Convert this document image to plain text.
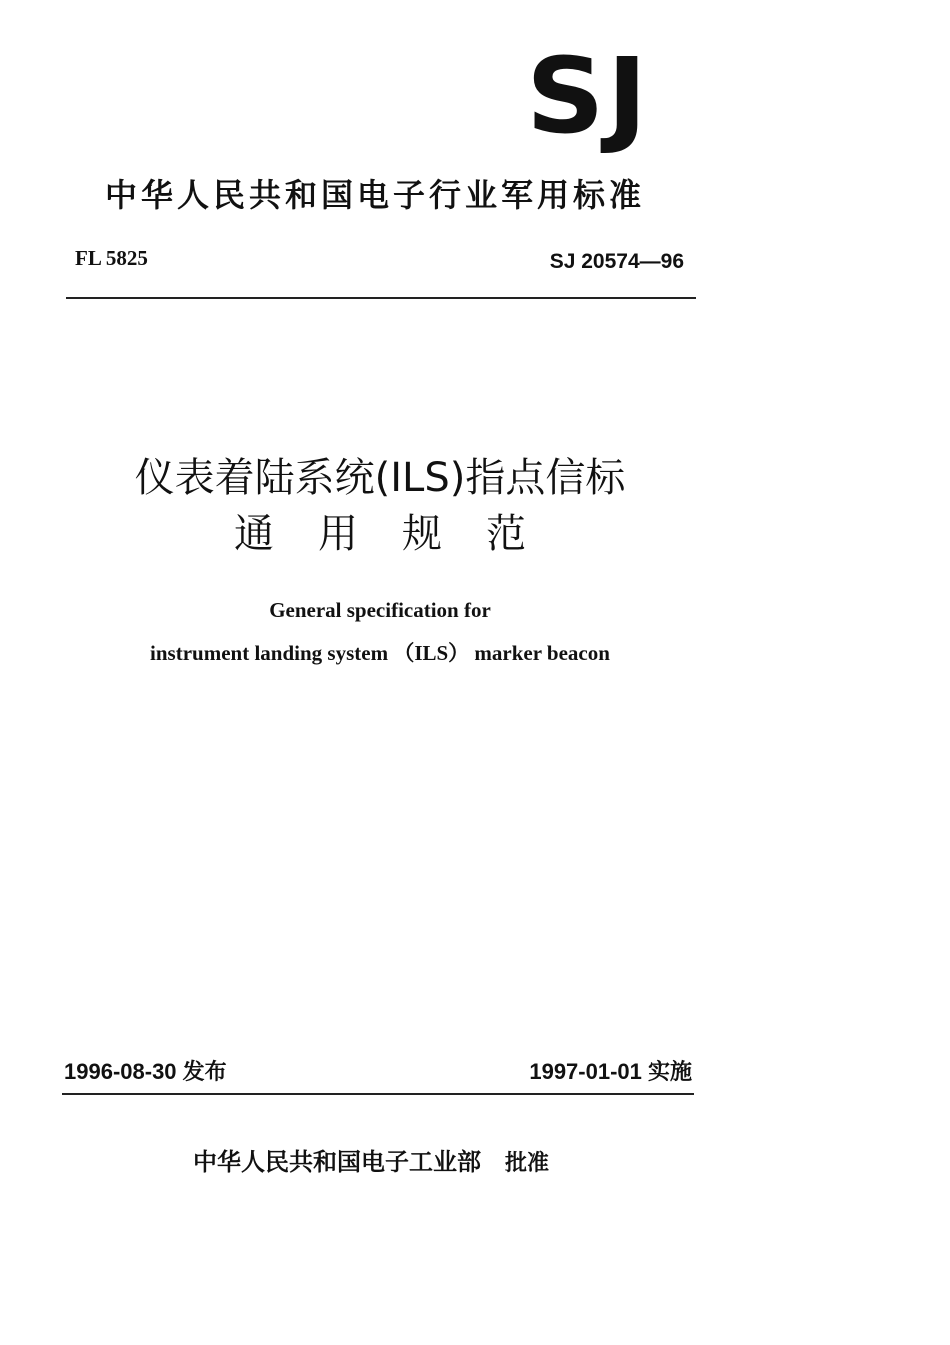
SJ
中华人民共和国电子行业军用标准
FL 5825	SJ 20574—96
仪表着陆系统(ILS)指点信标
通用规范
General specification for
instrument landing system （ILS） marker beacon
1996-08-30 发布	1997-01-01 实施
中华人民共和国电子工业部 批准
